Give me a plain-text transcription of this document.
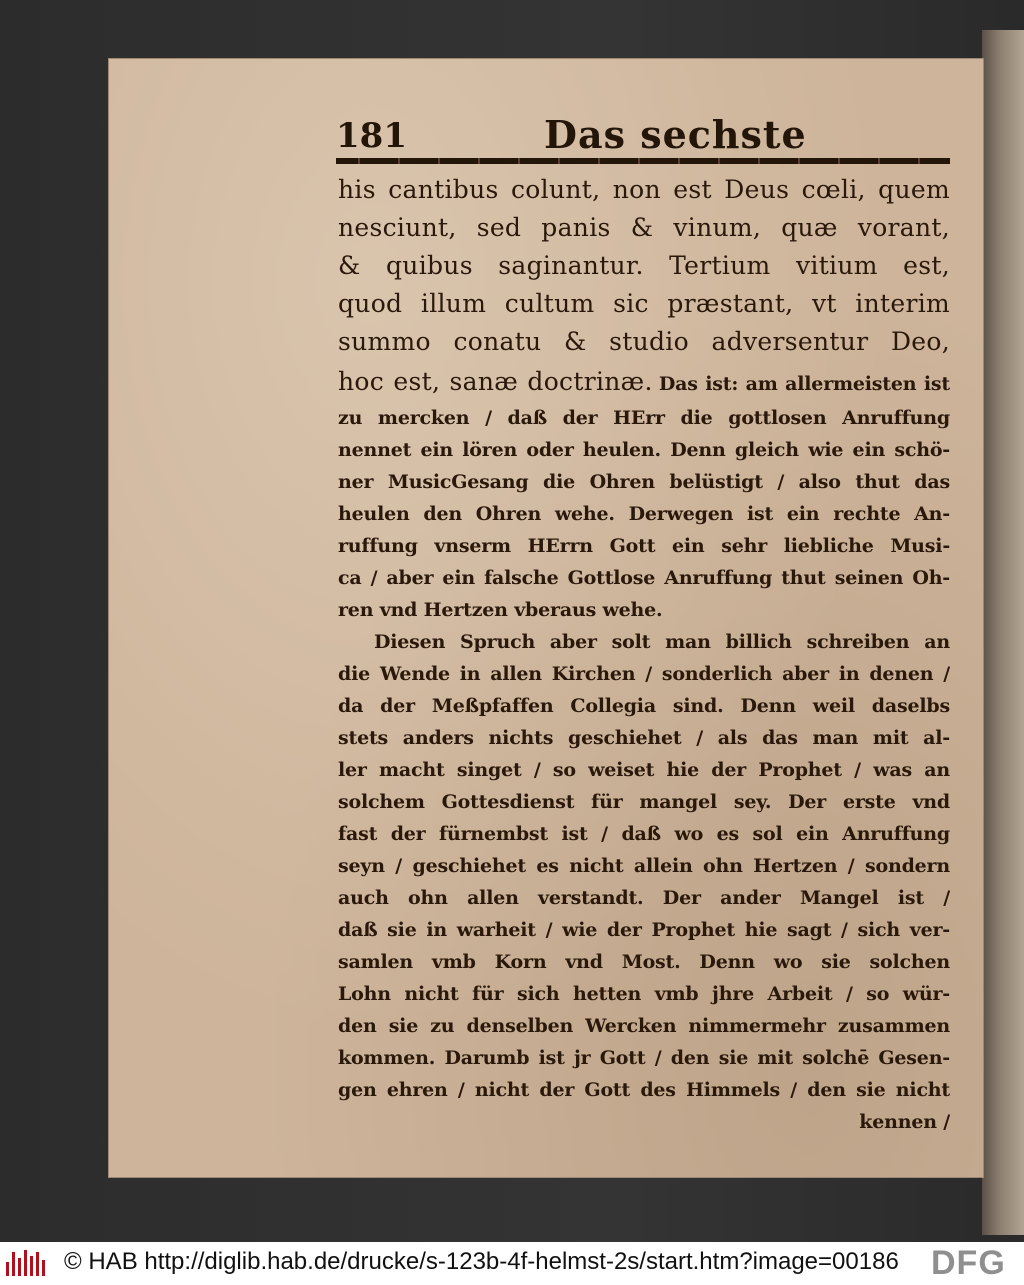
181	Das sechste
his cantibus colunt, non est Deus cœli, quem
nesciunt, sed panis & vinum, quæ vorant,
& quibus saginantur. Tertium vitium est,
quod illum cultum sic præstant, vt interim
summo conatu & studio adversentur Deo,
hoc est, sanæ doctrinæ. Das ist: am allermeisten ist
zu mercken / daß der HErr die gottlosen Anruffung
nennet ein lören oder heulen. Denn gleich wie ein schö-
ner MusicGesang die Ohren belüstigt / also thut das
heulen den Ohren wehe. Derwegen ist ein rechte An-
ruffung vnserm HErrn Gott ein sehr liebliche Musi-
ca / aber ein falsche Gottlose Anruffung thut seinen Oh-
ren vnd Hertzen vberaus wehe.
Diesen Spruch aber solt man billich schreiben an
die Wende in allen Kirchen / sonderlich aber in denen /
da der Meßpfaffen Collegia sind. Denn weil daselbs
stets anders nichts geschiehet / als das man mit al-
ler macht singet / so weiset hie der Prophet / was an
solchem Gottesdienst für mangel sey. Der erste vnd
fast der fürnembst ist / daß wo es sol ein Anruffung
seyn / geschiehet es nicht allein ohn Hertzen / sondern
auch ohn allen verstandt. Der ander Mangel ist /
daß sie in warheit / wie der Prophet hie sagt / sich ver-
samlen vmb Korn vnd Most. Denn wo sie solchen
Lohn nicht für sich hetten vmb jhre Arbeit / so wür-
den sie zu denselben Wercken nimmermehr zusammen
kommen. Darumb ist jr Gott / den sie mit solchē Gesen-
gen ehren / nicht der Gott des Himmels / den sie nicht
kennen /
© HAB http://diglib.hab.de/drucke/s-123b-4f-helmst-2s/start.htm?image=00186 DFG
